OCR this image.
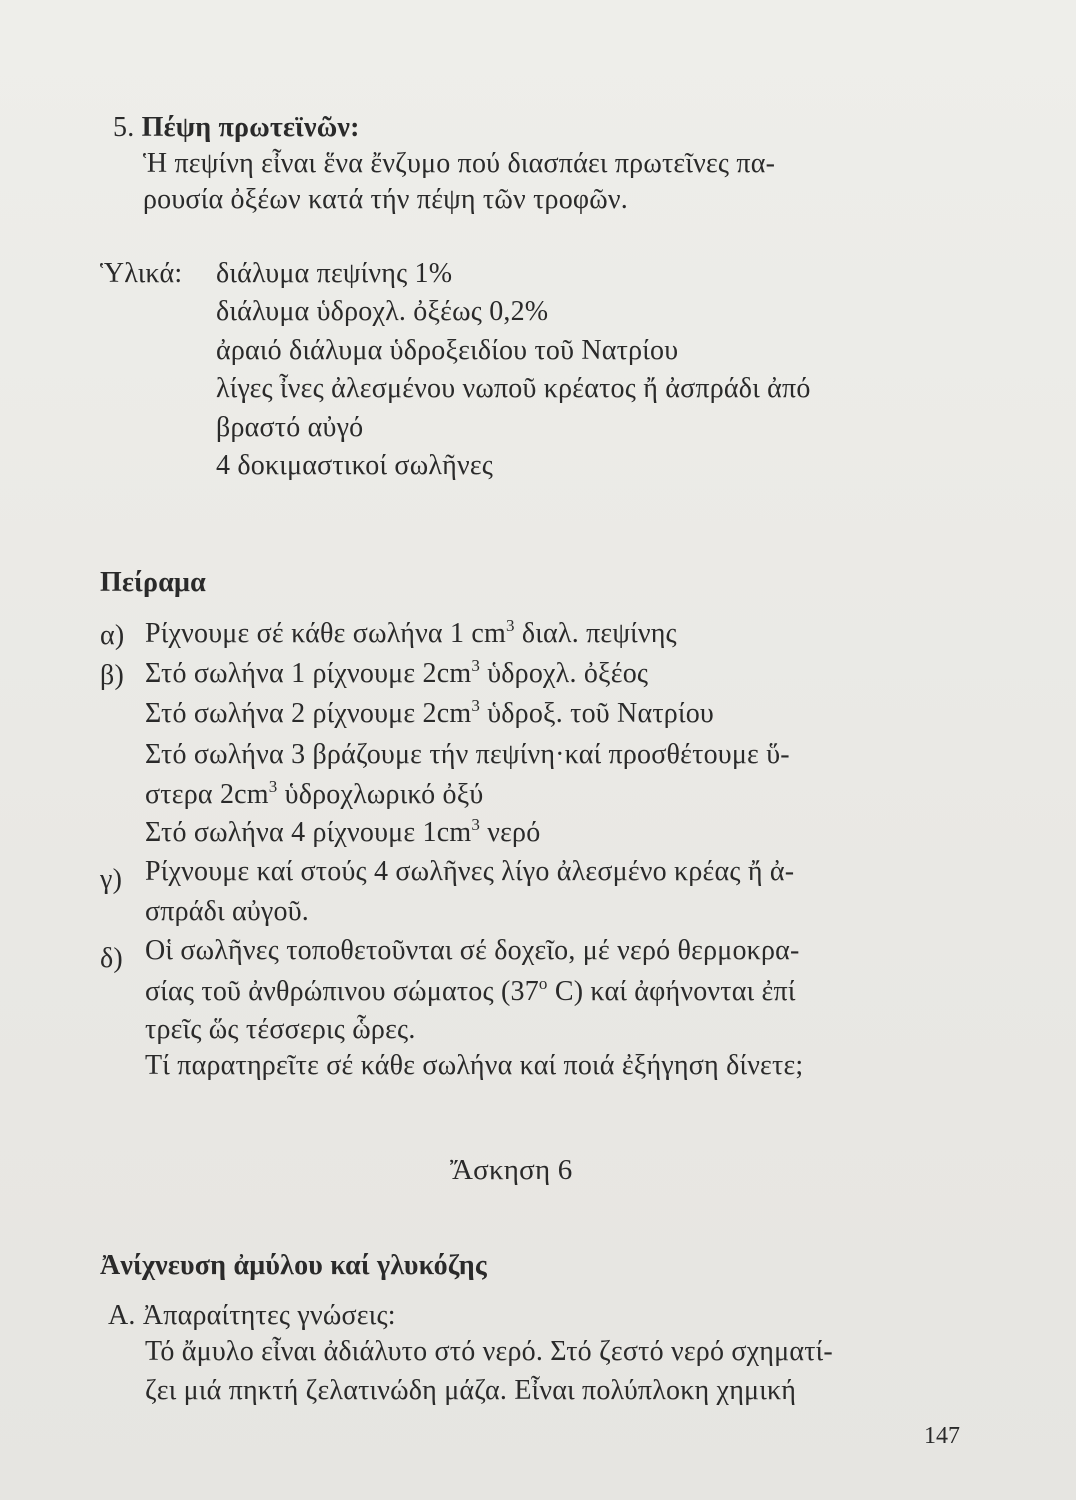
5. Πέψη πρωτεϊνῶν:
Ἡ πεψίνη εἶναι ἕνα ἔνζυμο πού διασπάει πρωτεῖνες πα-
ρουσία ὀξέων κατά τήν πέψη τῶν τροφῶν.
Ὑλικά: διάλυμα πεψίνης 1%
διάλυμα ὑδροχλ. ὀξέως 0,2%
ἀραιό διάλυμα ὑδροξειδίου τοῦ Νατρίου
λίγες ἶνες ἀλεσμένου νωποῦ κρέατος ἤ ἀσπράδι ἀπό
βραστό αὐγό
4 δοκιμαστικοί σωλῆνες
Πείραμα
α) Ρίχνουμε σέ κάθε σωλήνα 1 $cm^3$ διαλ. πεψίνης
β) Στό σωλήνα 1 ρίχνουμε $2cm^3$ ὑδροχλ. ὀξέος
Στό σωλήνα 2 ρίχνουμε $2cm^3$ ὑδροξ. τοῦ Νατρίου
Στό σωλήνα 3 βράζουμε τήν πεψίνη·καί προσθέτουμε ὕ-
στερα $2cm^3$ ὑδροχλωρικό ὀξύ
Στό σωλήνα 4 ρίχνουμε $1cm^3$ νερό
γ) Ρίχνουμε καί στούς 4 σωλῆνες λίγο ἀλεσμένο κρέας ἤ ἀ-
σπράδι αὐγοῦ.
δ) Οἱ σωλῆνες τοποθετοῦνται σέ δοχεῖο, μέ νερό θερμοκρα-
σίας τοῦ ἀνθρώπινου σώματος (37$^o$ C) καί ἀφήνονται ἐπί
τρεῖς ὥς τέσσερις ὧρες.
Τί παρατηρεῖτε σέ κάθε σωλήνα καί ποιά ἐξήγηση δίνετε;
Ἄσκηση 6
Ἀνίχνευση ἀμύλου καί γλυκόζης
Α. Ἀπαραίτητες γνώσεις:
Τό ἄμυλο εἶναι ἀδιάλυτο στό νερό. Στό ζεστό νερό σχηματί-
ζει μιά πηκτή ζελατινώδη μάζα. Εἶναι πολύπλοκη χημική
147
